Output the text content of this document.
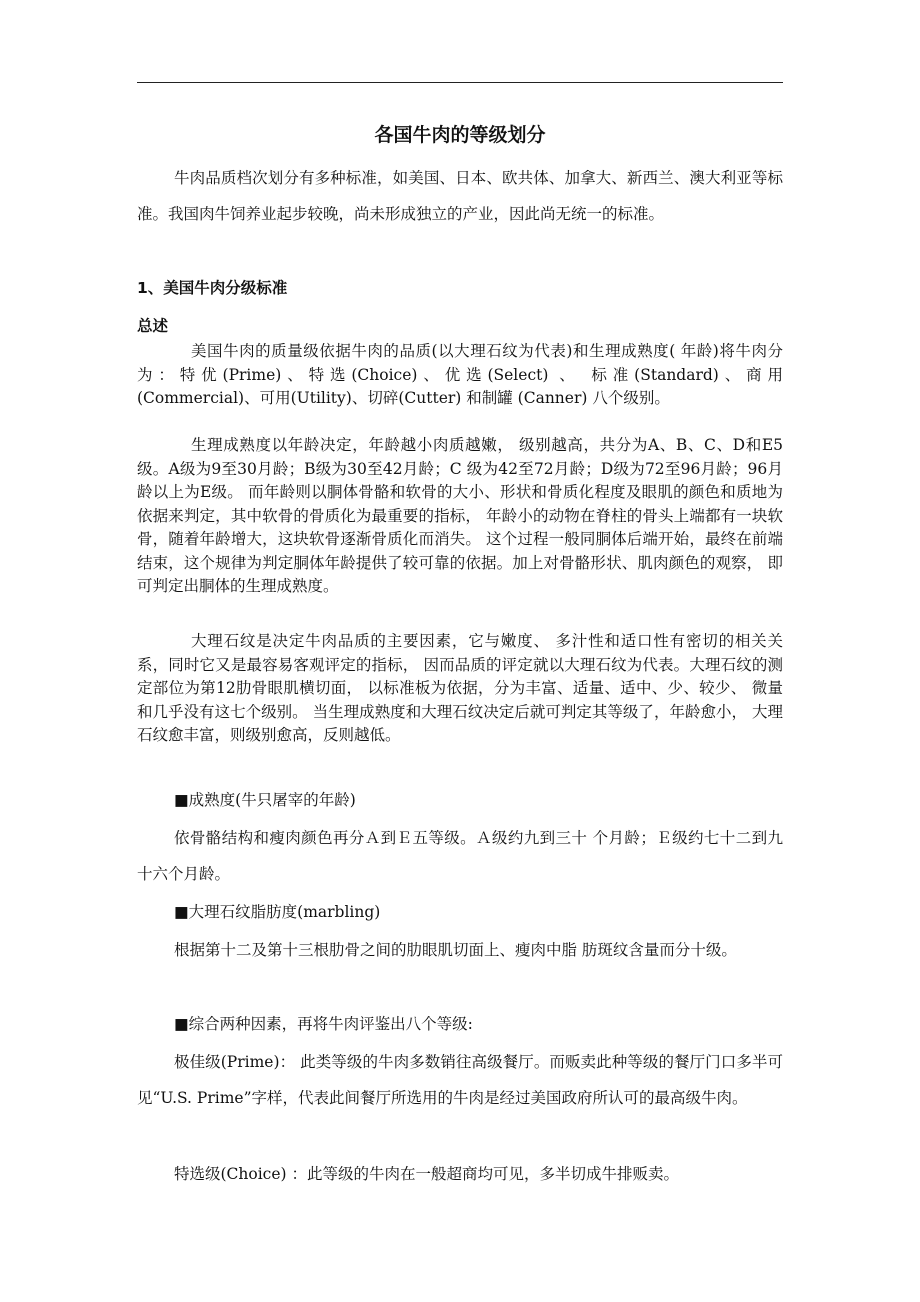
各国牛肉的等级划分

牛肉品质档次划分有多种标准，如美国、日本、欧共体、加拿大、新西兰、澳大利亚等标准。我国肉牛饲养业起步较晚，尚未形成独立的产业，因此尚无统一的标准。

1、美国牛肉分级标准
总述

美国牛肉的质量级依据牛肉的品质(以大理石纹为代表)和生理成熟度( 年龄)将牛肉分为：特优(Prime)、特选(Choice)、优选(Select) 、 标准(Standard)、商用(Commercial)、可用(Utility)、切碎(Cutter) 和制罐 (Canner) 八个级别。

生理成熟度以年龄决定，年龄越小肉质越嫩， 级别越高，共分为A、B、C、D和E5级。A级为9至30月龄；B级为30至42月龄；C 级为42至72月龄；D级为72至96月龄；96月龄以上为E级。 而年龄则以胴体骨骼和软骨的大小、形状和骨质化程度及眼肌的颜色和质地为依据来判定，其中软骨的骨质化为最重要的指标， 年龄小的动物在脊柱的骨头上端都有一块软骨，随着年龄增大，这块软骨逐渐骨质化而消失。 这个过程一般同胴体后端开始，最终在前端结束，这个规律为判定胴体年龄提供了较可靠的依据。加上对骨骼形状、肌肉颜色的观察， 即可判定出胴体的生理成熟度。

大理石纹是决定牛肉品质的主要因素，它与嫩度、 多汁性和适口性有密切的相关关系，同时它又是最容易客观评定的指标， 因而品质的评定就以大理石纹为代表。大理石纹的测定部位为第12肋骨眼肌横切面， 以标准板为依据，分为丰富、适量、适中、少、较少、 微量和几乎没有这七个级别。 当生理成熟度和大理石纹决定后就可判定其等级了，年龄愈小， 大理石纹愈丰富，则级别愈高，反则越低。

■成熟度(牛只屠宰的年龄)

依骨骼结构和瘦肉颜色再分Ａ到Ｅ五等级。Ａ级约九到三十 个月龄；Ｅ级约七十二到九十六个月龄。

■大理石纹脂肪度(marbling)

根据第十二及第十三根肋骨之间的肋眼肌切面上、瘦肉中脂 肪斑纹含量而分十级。

■综合两种因素，再将牛肉评鉴出八个等级:

极佳级(Prime)： 此类等级的牛肉多数销往高级餐厅。而贩卖此种等级的餐厅门口多半可见“U.S. Prime”字样，代表此间餐厅所选用的牛肉是经过美国政府所认可的最高级牛肉。

特选级(Choice) ：此等级的牛肉在一般超商均可见，多半切成牛排贩卖。
